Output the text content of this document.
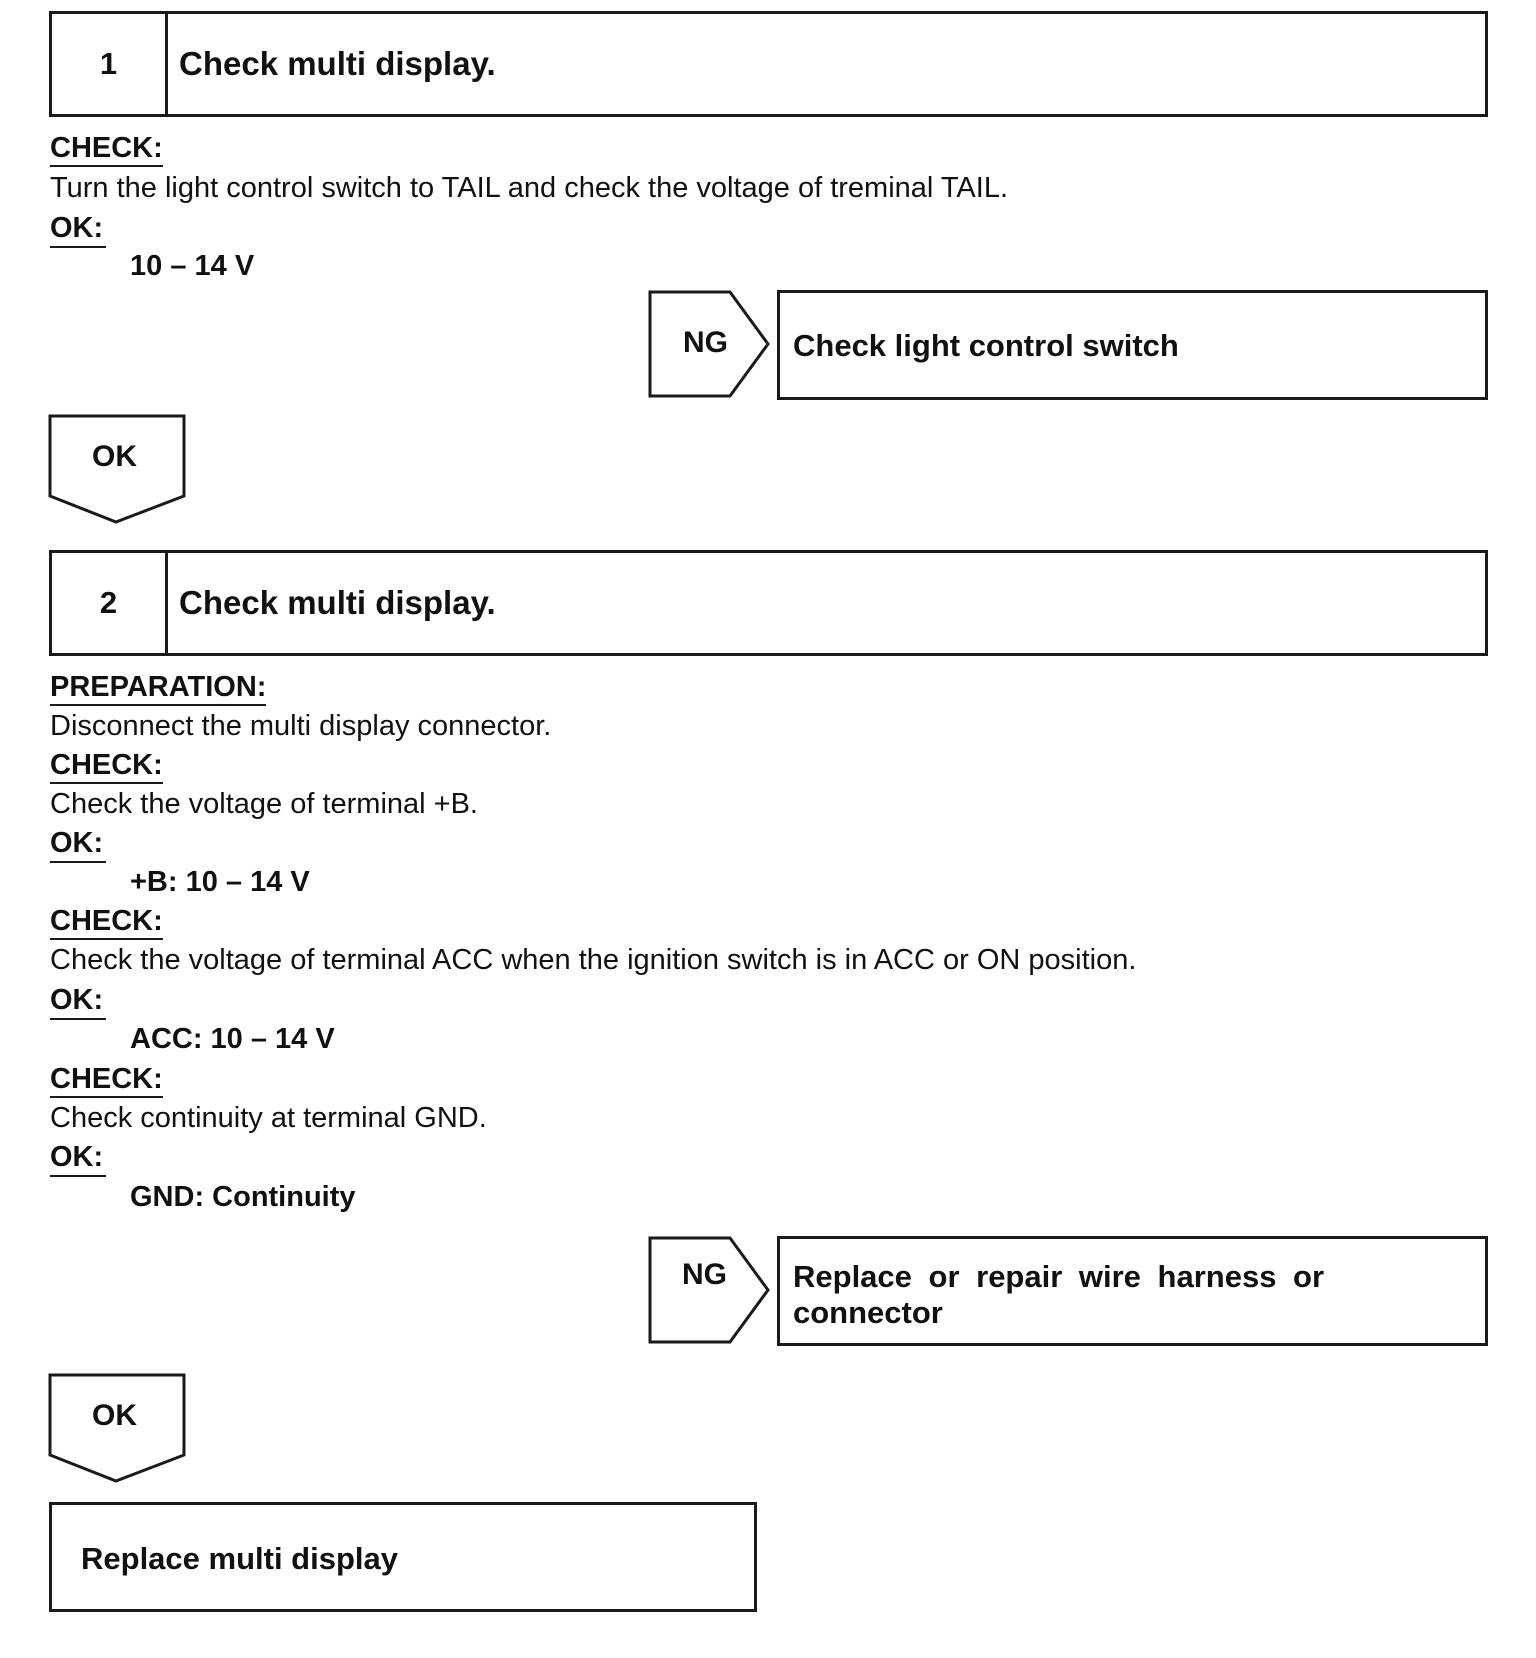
1	Check multi display.
CHECK:
Turn the light control switch to TAIL and check the voltage of treminal TAIL.
OK:
10 – 14 V
NG Check light control switch
OK
2	Check multi display.
PREPARATION:
Disconnect the multi display connector.
CHECK:
Check the voltage of terminal +B.
OK:
+B: 10 – 14 V
CHECK:
Check the voltage of terminal ACC when the ignition switch is in ACC or ON position.
OK:
ACC: 10 – 14 V
CHECK:
Check continuity at terminal GND.
OK:
GND: Continuity
NG Replace or repair wire harness or connector
OK
Replace multi display
